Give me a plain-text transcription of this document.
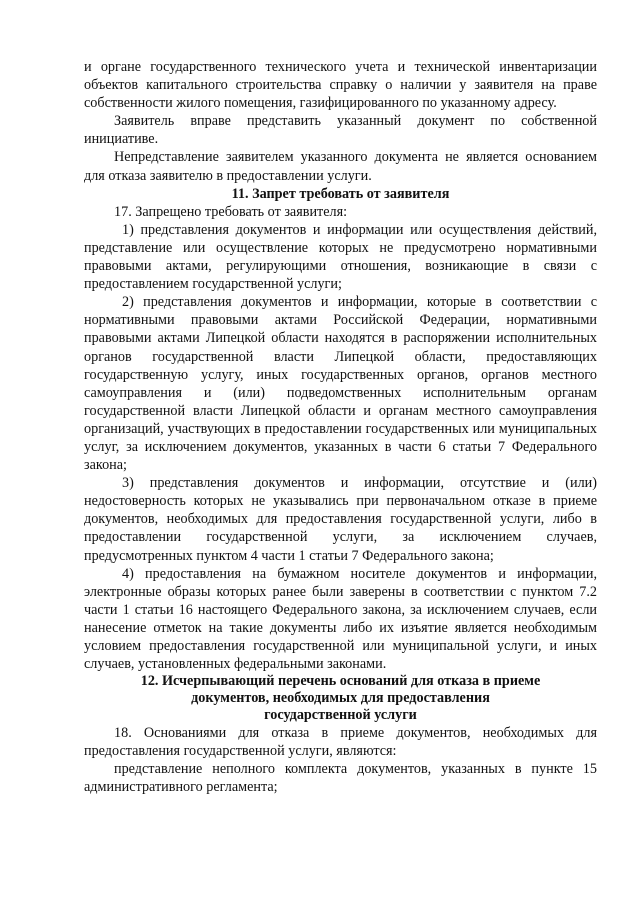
и органе государственного технического учета и технической инвентаризации объектов капитального строительства справку о наличии у заявителя на праве собственности жилого помещения, газифицированного по указанному адресу.

Заявитель вправе представить указанный документ по собственной инициативе.

Непредставление заявителем указанного документа не является основанием для отказа заявителю в предоставлении услуги.

11. Запрет требовать от заявителя

17. Запрещено требовать от заявителя:

1) представления документов и информации или осуществления действий, представление или осуществление которых не предусмотрено нормативными правовыми актами, регулирующими отношения, возникающие в связи с предоставлением государственной услуги;

2) представления документов и информации, которые в соответствии с нормативными правовыми актами Российской Федерации, нормативными правовыми актами Липецкой области находятся в распоряжении исполнительных органов государственной власти Липецкой области, предоставляющих государственную услугу, иных государственных органов, органов местного самоуправления и (или) подведомственных исполнительным органам государственной власти Липецкой области и органам местного самоуправления организаций, участвующих в предоставлении государственных или муниципальных услуг, за исключением документов, указанных в части 6 статьи 7 Федерального закона;

3) представления документов и информации, отсутствие и (или) недостоверность которых не указывались при первоначальном отказе в приеме документов, необходимых для предоставления государственной услуги, либо в предоставлении государственной услуги, за исключением случаев, предусмотренных пунктом 4 части 1 статьи 7 Федерального закона;

4) предоставления на бумажном носителе документов и информации, электронные образы которых ранее были заверены в соответствии с пунктом 7.2 части 1 статьи 16 настоящего Федерального закона, за исключением случаев, если нанесение отметок на такие документы либо их изъятие является необходимым условием предоставления государственной или муниципальной услуги, и иных случаев, установленных федеральными законами.

12. Исчерпывающий перечень оснований для отказа в приеме
документов, необходимых для предоставления
государственной услуги

18. Основаниями для отказа в приеме документов, необходимых для предоставления государственной услуги, являются:

представление неполного комплекта документов, указанных в пункте 15 административного регламента;
